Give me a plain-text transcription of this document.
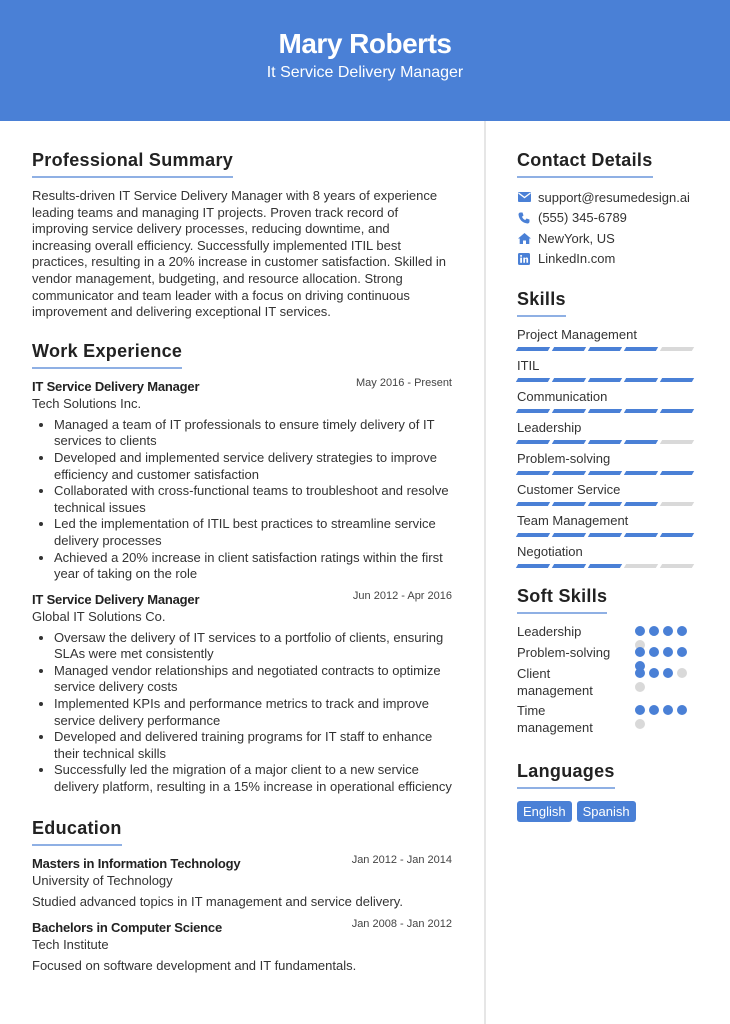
Mary Roberts
It Service Delivery Manager
Professional Summary

Results-driven IT Service Delivery Manager with 8 years of experience leading teams and managing IT projects. Proven track record of improving service delivery processes, reducing downtime, and increasing overall efficiency. Successfully implemented ITIL best practices, resulting in a 20% increase in customer satisfaction. Skilled in vendor management, budgeting, and resource allocation. Strong communicator and team leader with a focus on driving continuous improvement and delivering exceptional IT services.

Work Experience
IT Service Delivery Manager	May 2016 - Present
Tech Solutions Inc.
• Managed a team of IT professionals to ensure timely delivery of IT services to clients
• Developed and implemented service delivery strategies to improve efficiency and customer satisfaction
• Collaborated with cross-functional teams to troubleshoot and resolve technical issues
• Led the implementation of ITIL best practices to streamline service delivery processes
• Achieved a 20% increase in client satisfaction ratings within the first year of taking on the role
IT Service Delivery Manager	Jun 2012 - Apr 2016
Global IT Solutions Co.
• Oversaw the delivery of IT services to a portfolio of clients, ensuring SLAs were met consistently
• Managed vendor relationships and negotiated contracts to optimize service delivery costs
• Implemented KPIs and performance metrics to track and improve service delivery performance
• Developed and delivered training programs for IT staff to enhance their technical skills
• Successfully led the migration of a major client to a new service delivery platform, resulting in a 15% increase in operational efficiency
Education
Masters in Information Technology	Jan 2012 - Jan 2014
University of Technology
Studied advanced topics in IT management and service delivery.
Bachelors in Computer Science	Jan 2008 - Jan 2012
Tech Institute
Focused on software development and IT fundamentals.
Contact Details
support@resumedesign.ai
(555) 345-6789
NewYork, US
LinkedIn.com
Skills
Project Management
ITIL
Communication
Leadership
Problem-solving
Customer Service
Team Management
Negotiation
Soft Skills
Leadership
Problem-solving
Client management
Time management
Languages
English	Spanish
